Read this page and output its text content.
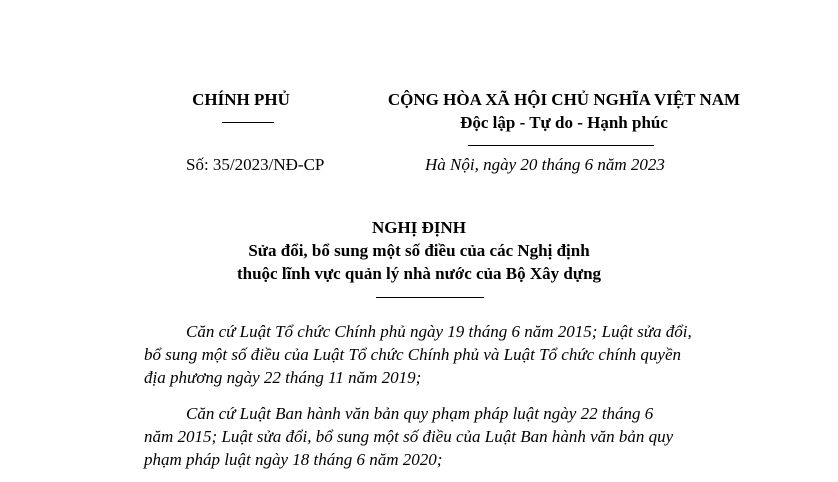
CHÍNH PHỦ	CỘNG HÒA XÃ HỘI CHỦ NGHĨA VIỆT NAM
Độc lập - Tự do - Hạnh phúc
Số: 35/2023/NĐ-CP	Hà Nội, ngày 20 tháng 6 năm 2023
NGHỊ ĐỊNH
Sửa đổi, bổ sung một số điều của các Nghị định
thuộc lĩnh vực quản lý nhà nước của Bộ Xây dựng
Căn cứ Luật Tổ chức Chính phủ ngày 19 tháng 6 năm 2015; Luật sửa đổi,
bổ sung một số điều của Luật Tổ chức Chính phủ và Luật Tổ chức chính quyền
địa phương ngày 22 tháng 11 năm 2019;
Căn cứ Luật Ban hành văn bản quy phạm pháp luật ngày 22 tháng 6
năm 2015; Luật sửa đổi, bổ sung một số điều của Luật Ban hành văn bản quy
phạm pháp luật ngày 18 tháng 6 năm 2020;
